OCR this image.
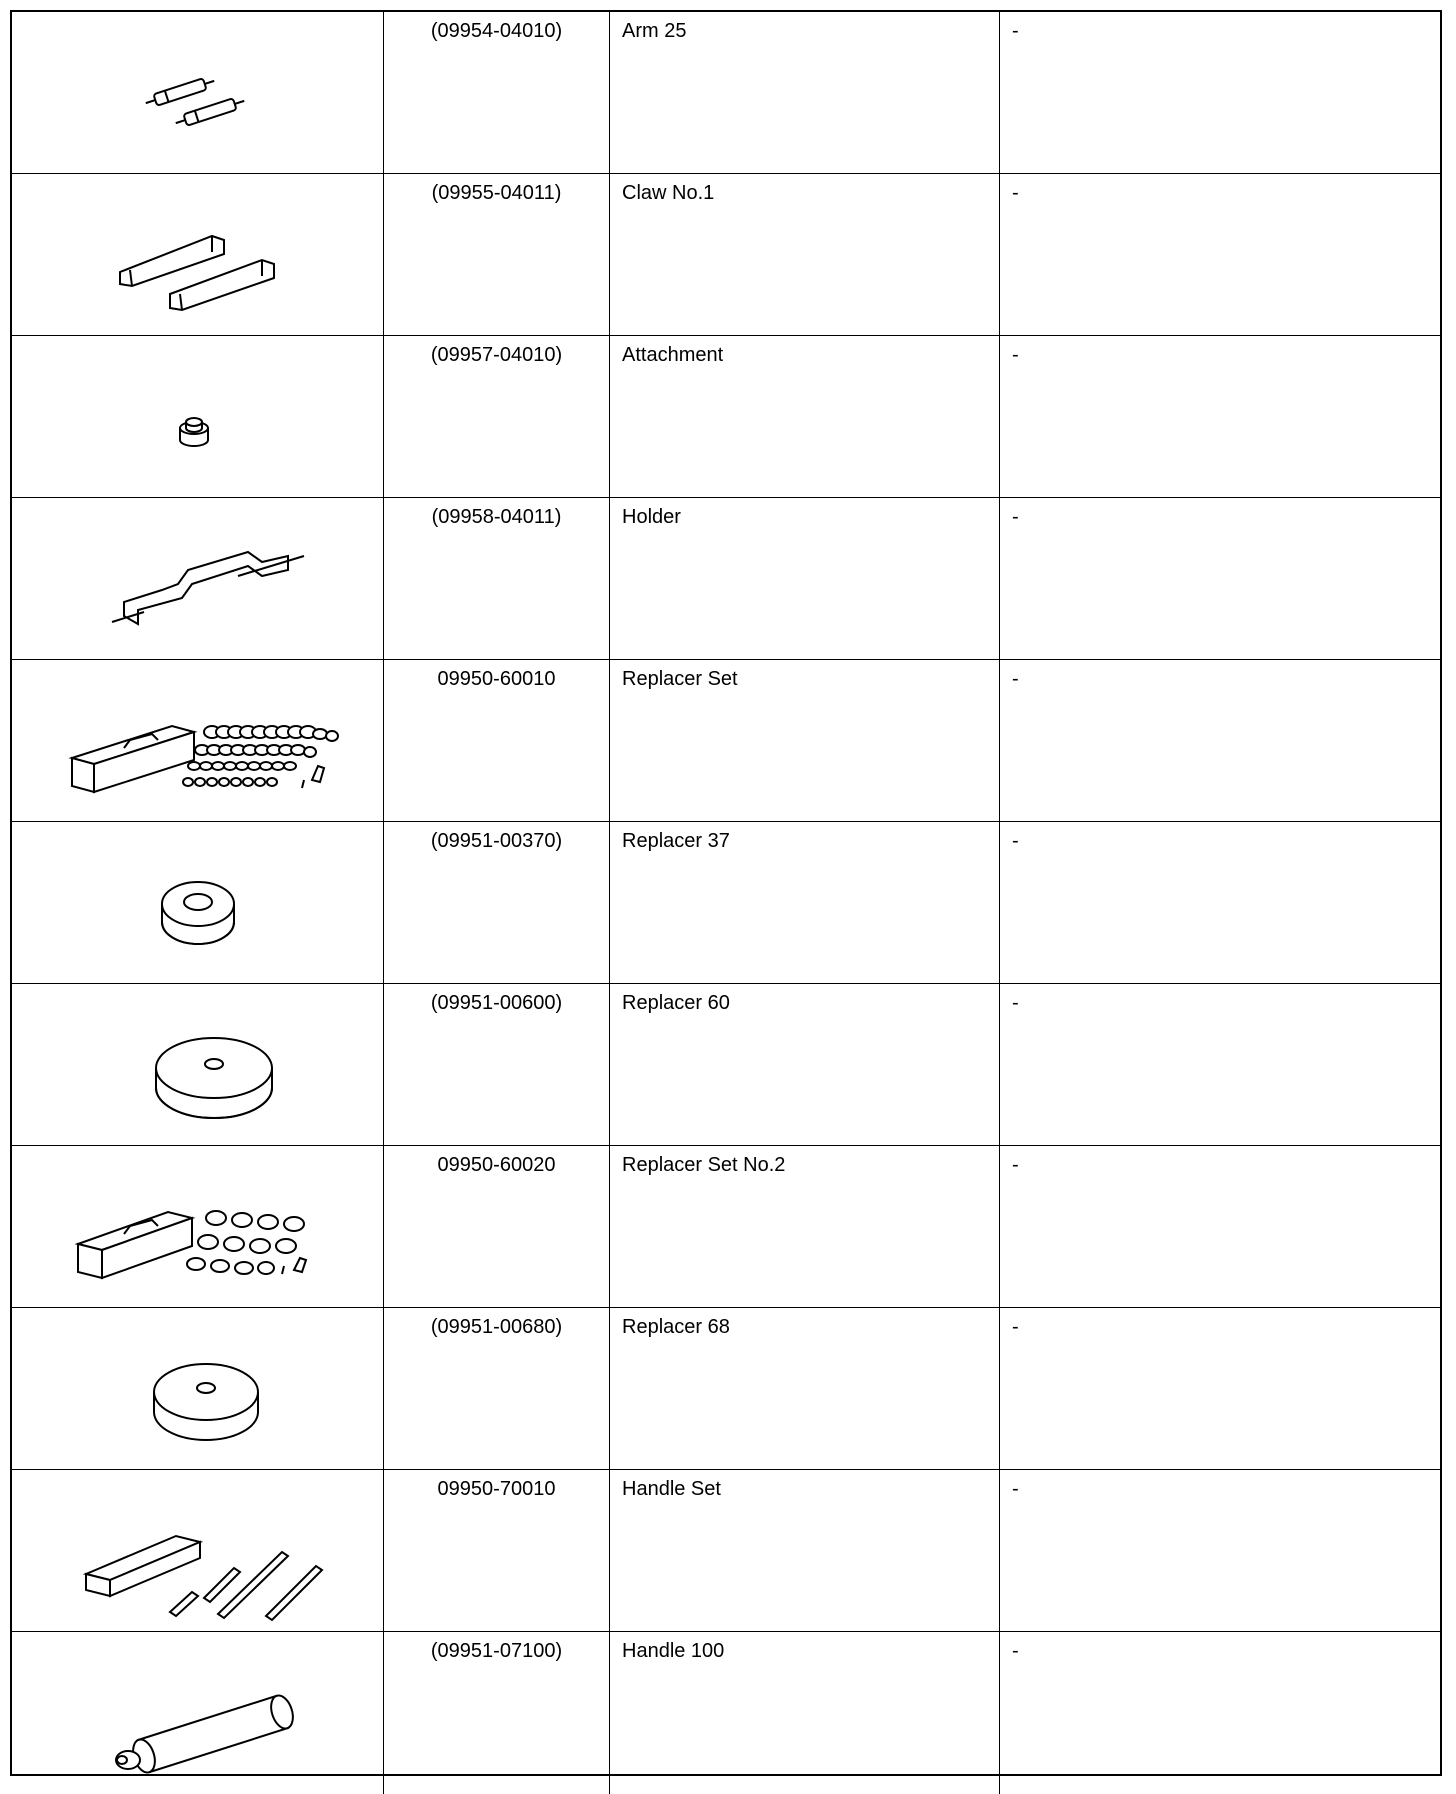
(09954-04010)	Arm 25	-
(09955-04011)	Claw No.1	-
(09957-04010)	Attachment	-
(09958-04011)	Holder	-
09950-60010	Replacer Set	-
(09951-00370)	Replacer 37	-
(09951-00600)	Replacer 60	-
09950-60020	Replacer Set No.2	-
(09951-00680)	Replacer 68	-
09950-70010	Handle Set	-
(09951-07100)	Handle 100	-
